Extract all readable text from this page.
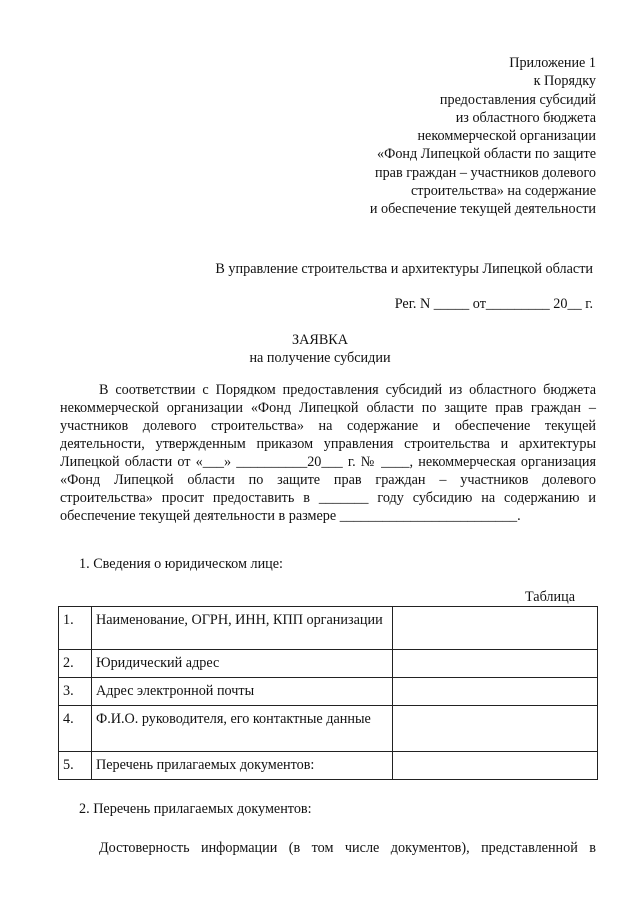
Приложение 1
к Порядку
предоставления субсидий
из областного бюджета
некоммерческой организации
«Фонд Липецкой области по защите
прав граждан – участников долевого
строительства» на содержание
и обеспечение текущей деятельности
В управление строительства и архитектуры Липецкой области
Рег. N _____ от_________ 20__ г.
ЗАЯВКА
на получение субсидии
В соответствии с Порядком предоставления субсидий из областного бюджета некоммерческой организации «Фонд Липецкой области по защите прав граждан – участников долевого строительства» на содержание и обеспечение текущей деятельности, утвержденным приказом управления строительства и архитектуры Липецкой области от «___» __________20___ г. № ____, некоммерческая организация «Фонд Липецкой области по защите прав граждан – участников долевого строительства» просит предоставить в _______ году субсидию на содержанию и обеспечение текущей деятельности в размере _________________________.
1. Сведения о юридическом лице:
Таблица
1.	Наименование, ОГРН, ИНН, КПП организации	
2.	Юридический адрес	
3.	Адрес электронной почты	
4.	Ф.И.О. руководителя, его контактные данные	
5.	Перечень прилагаемых документов:	
2. Перечень прилагаемых документов:
Достоверность информации (в том числе документов), представленной в
